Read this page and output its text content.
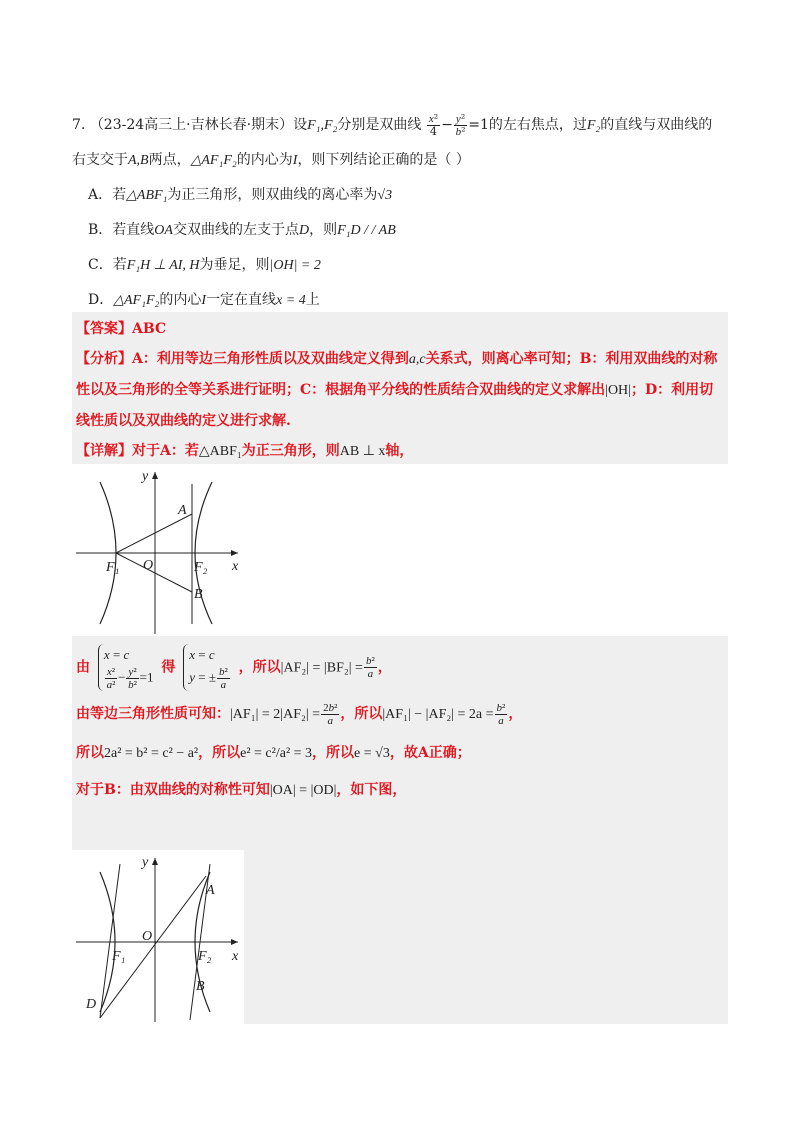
7. （23-24高三上·吉林长春·期末）设F₁,F₂分别是双曲线 $\frac{\text{x²}}{4} - \frac{\text{y²}}{\text{b²}} =1$的左右焦点，过F₂的直线与双曲线的
右支交于A,B两点，△AF₁F₂的内心为I，则下列结论正确的是（ ）
A．若△ABF₁为正三角形，则双曲线的离心率为√3
B．若直线OA交双曲线的左支于点D，则F₁D / / AB
C．若F₁H ⊥ AI, H为垂足，则|OH| = 2
D．△AF₁F₂的内心I一定在直线x = 4上
【答案】ABC
【分析】A：利用等边三角形性质以及双曲线定义得到a,c关系式，则离心率可知；B：利用双曲线的对称
性以及三角形的全等关系进行证明；C：根据角平分线的性质结合双曲线的定义求解出|OH|；D：利用切
线性质以及双曲线的定义进行求解.
【详解】对于A：若△ABF₁为正三角形，则AB ⊥ x轴，
y
x
A
B
O
F₁	F₂
由 x = c

$\frac{\text{x²}}{\text{a²}} - \frac{\text{y²}}{\text{b²}} =1$ 得 x = c
y = ± $\frac{\text{b²}}{a}$ ，所以$|AF_2| = |BF_2| = \frac{\text{b²}}{a}$ ，
由等边三角形性质可知：$|AF_1| = 2|AF_2| = \frac{\text{2b²}}{a}$ ，所以$|AF_1| - |AF_2| = 2a = \frac{\text{b²}}{a}$ ，
所以2a² = b² = c² − a²，所以e² = c²/a² = 3，所以e = √3，故A正确；
对于B：由双曲线的对称性可知|OA| = |OD|，如下图，
y
x
A
B
O
F₁	F₂
D
